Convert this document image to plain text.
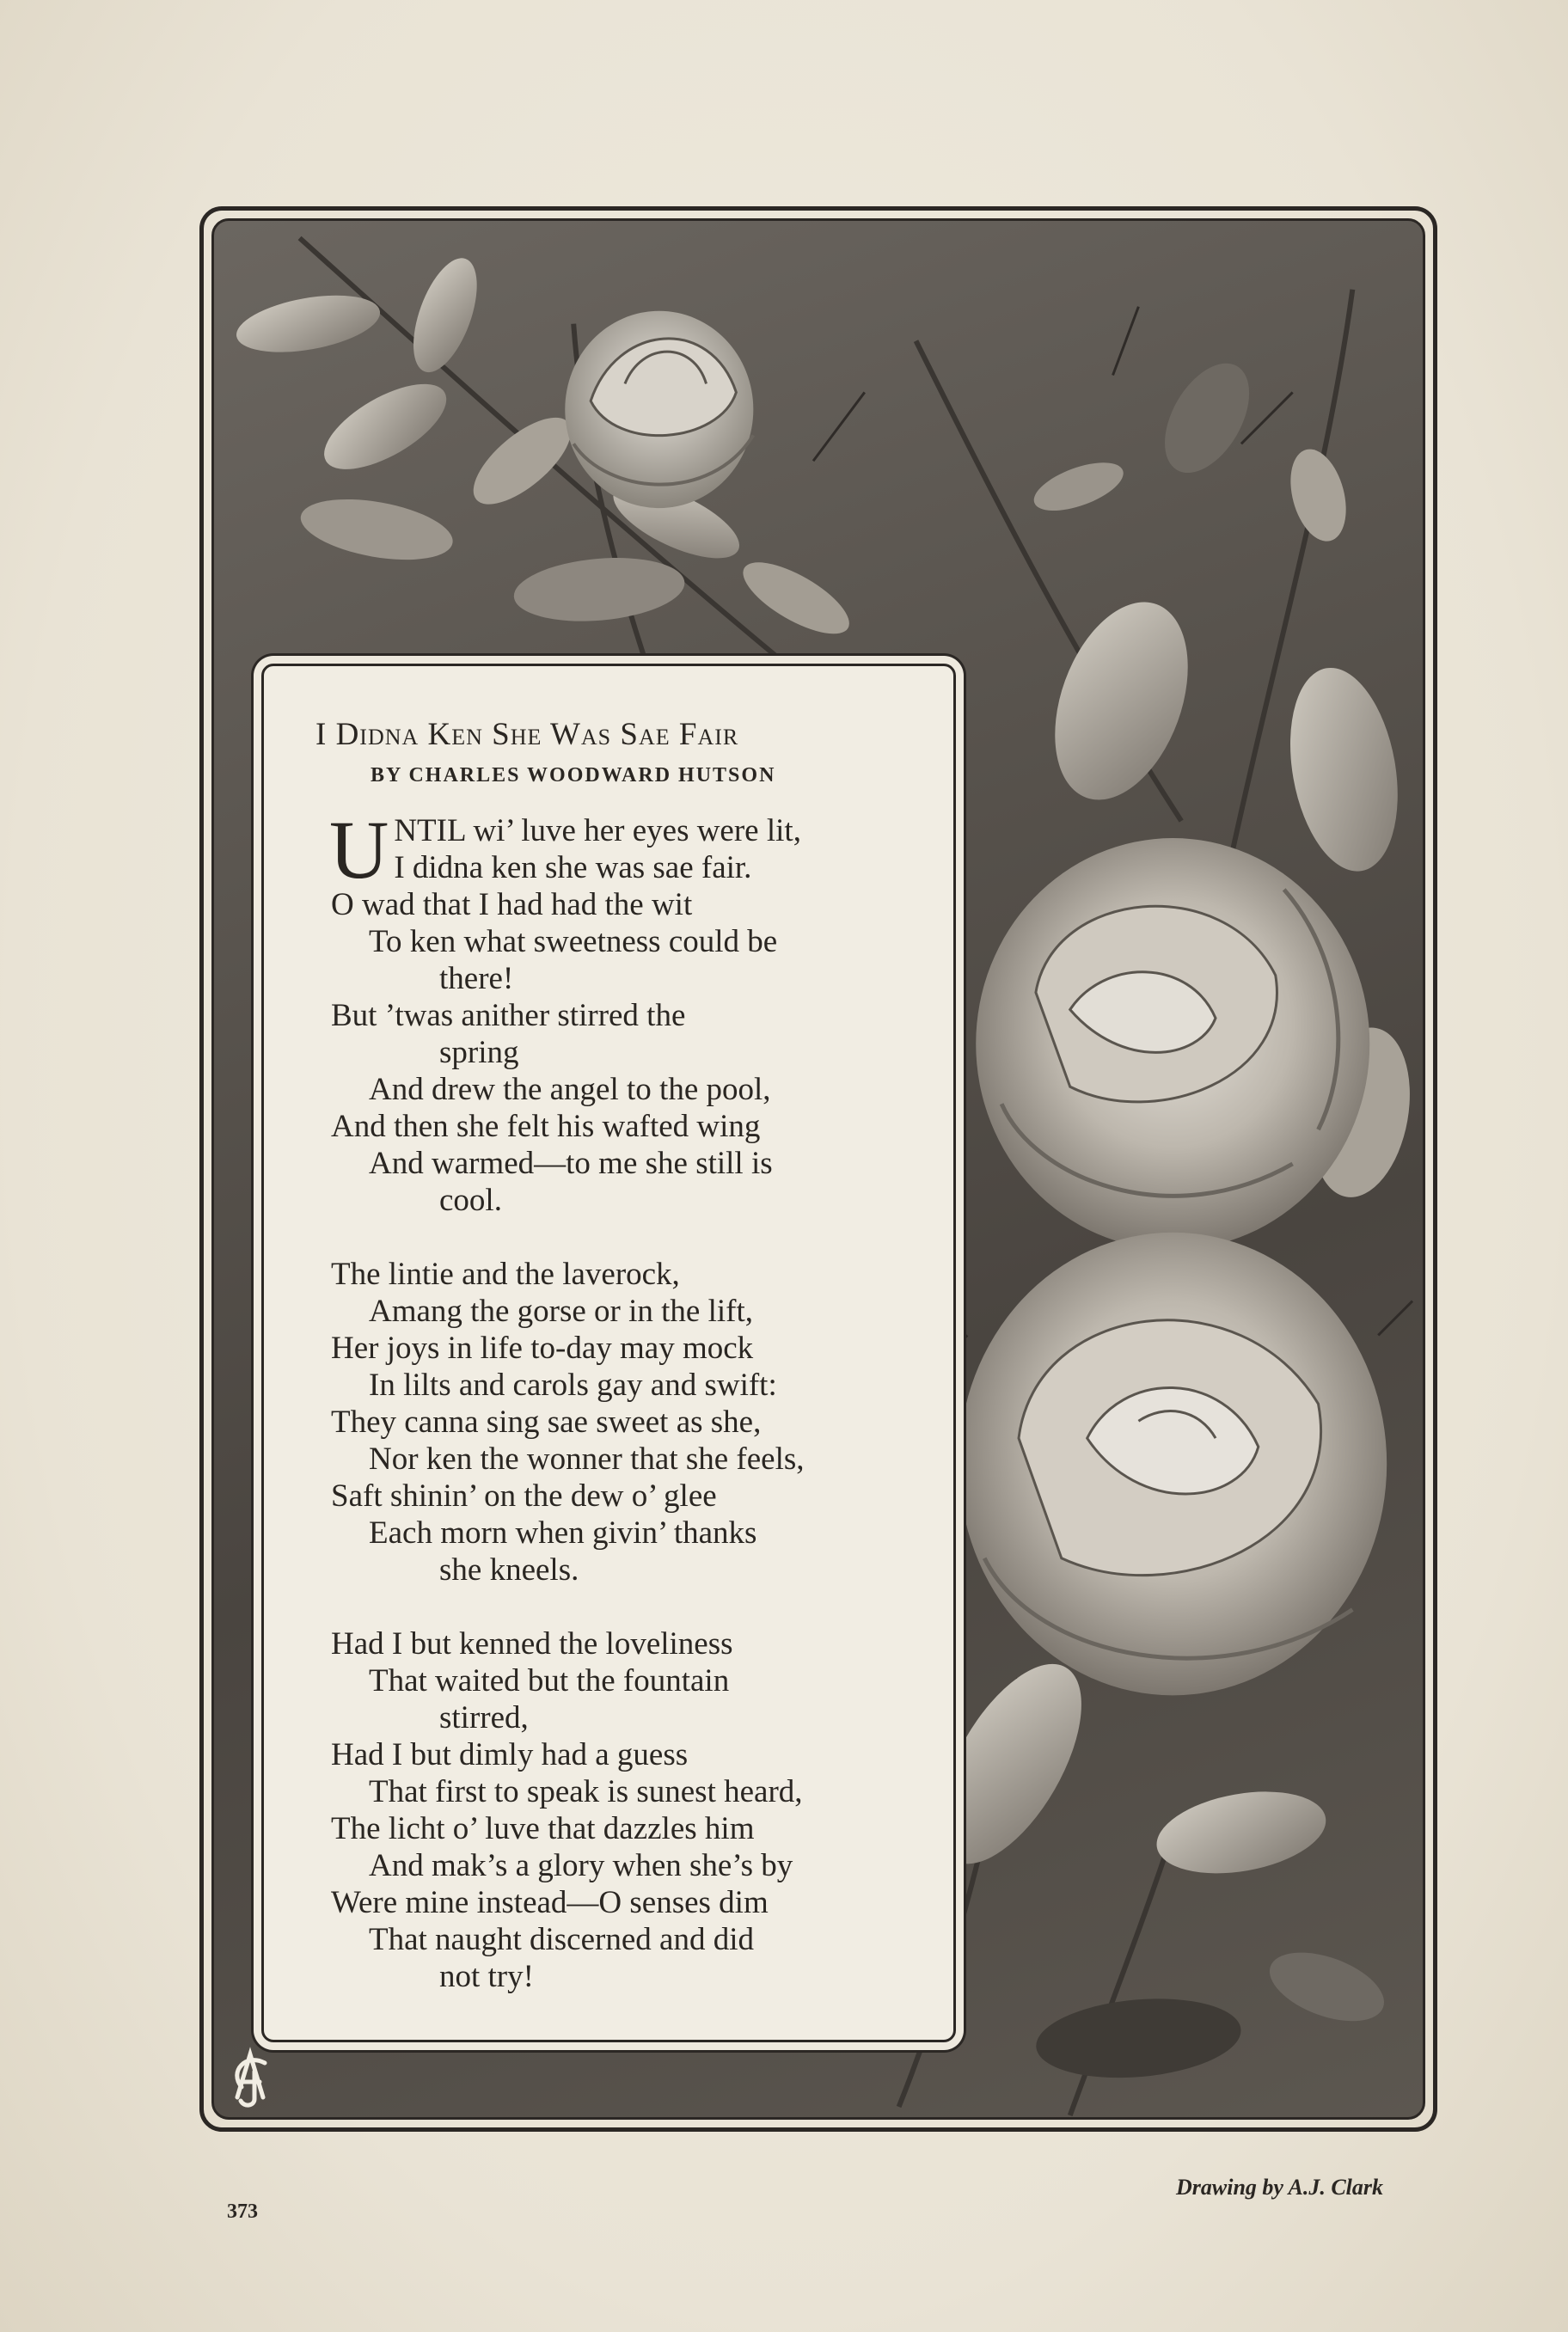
I Didna Ken She Was Sae Fair
BY CHARLES WOODWARD HUTSON
U NTIL wi’ luve her eyes were lit,
I didna ken she was sae fair.
O wad that I had had the wit
To ken what sweetness could be
there!
But ’twas anither stirred the
spring
And drew the angel to the pool,
And then she felt his wafted wing
And warmed—to me she still is
cool.
The lintie and the laverock,
Amang the gorse or in the lift,
Her joys in life to-day may mock
In lilts and carols gay and swift:
They canna sing sae sweet as she,
Nor ken the wonner that she feels,
Saft shinin’ on the dew o’ glee
Each morn when givin’ thanks
she kneels.
Had I but kenned the loveliness
That waited but the fountain
stirred,
Had I but dimly had a guess
That first to speak is sunest heard,
The licht o’ luve that dazzles him
And mak’s a glory when she’s by
Were mine instead—O senses dim
That naught discerned and did
not try!
373
Drawing by A.J. Clark
